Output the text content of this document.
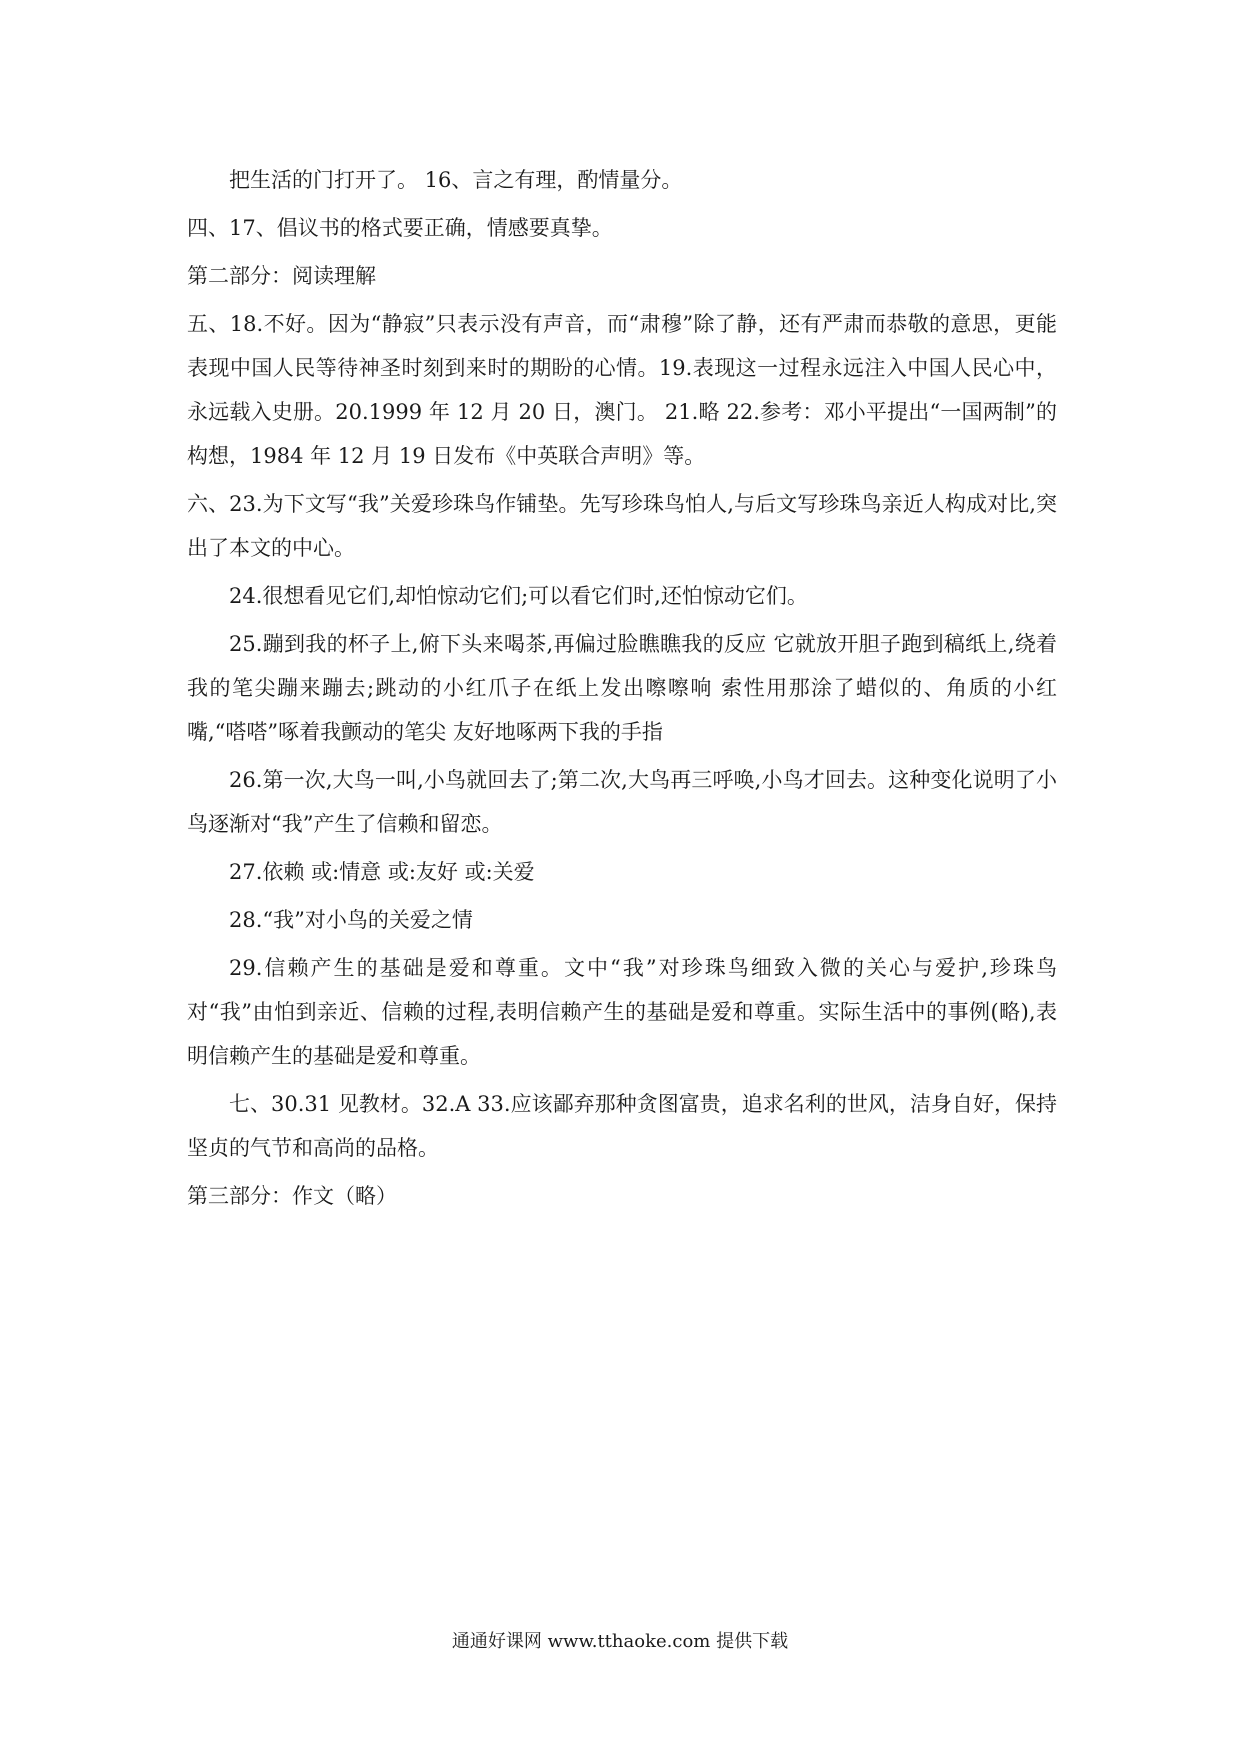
把生活的门打开了。 16、言之有理，酌情量分。

四、17、倡议书的格式要正确，情感要真挚。

第二部分：阅读理解

五、18.不好。因为“静寂”只表示没有声音，而“肃穆”除了静，还有严肃而恭敬的意思，更能表现中国人民等待神圣时刻到来时的期盼的心情。19.表现这一过程永远注入中国人民心中，永远载入史册。20.1999 年 12 月 20 日，澳门。 21.略 22.参考：邓小平提出“一国两制”的构想，1984 年 12 月 19 日发布《中英联合声明》等。

六、23.为下文写“我”关爱珍珠鸟作铺垫。先写珍珠鸟怕人,与后文写珍珠鸟亲近人构成对比,突出了本文的中心。

24.很想看见它们,却怕惊动它们;可以看它们时,还怕惊动它们。

25.蹦到我的杯子上,俯下头来喝茶,再偏过脸瞧瞧我的反应 它就放开胆子跑到稿纸上,绕着我的笔尖蹦来蹦去;跳动的小红爪子在纸上发出嚓嚓响 索性用那涂了蜡似的、角质的小红嘴,“嗒嗒”啄着我颤动的笔尖 友好地啄两下我的手指

26.第一次,大鸟一叫,小鸟就回去了;第二次,大鸟再三呼唤,小鸟才回去。这种变化说明了小鸟逐渐对“我”产生了信赖和留恋。

27.依赖 或:情意 或:友好 或:关爱

28.“我”对小鸟的关爱之情

29.信赖产生的基础是爱和尊重。文中“我”对珍珠鸟细致入微的关心与爱护,珍珠鸟对“我”由怕到亲近、信赖的过程,表明信赖产生的基础是爱和尊重。实际生活中的事例(略),表明信赖产生的基础是爱和尊重。

七、30.31 见教材。32.A 33.应该鄙弃那种贪图富贵，追求名利的世风，洁身自好，保持坚贞的气节和高尚的品格。

第三部分：作文（略）

通通好课网 www.tthaoke.com 提供下载
